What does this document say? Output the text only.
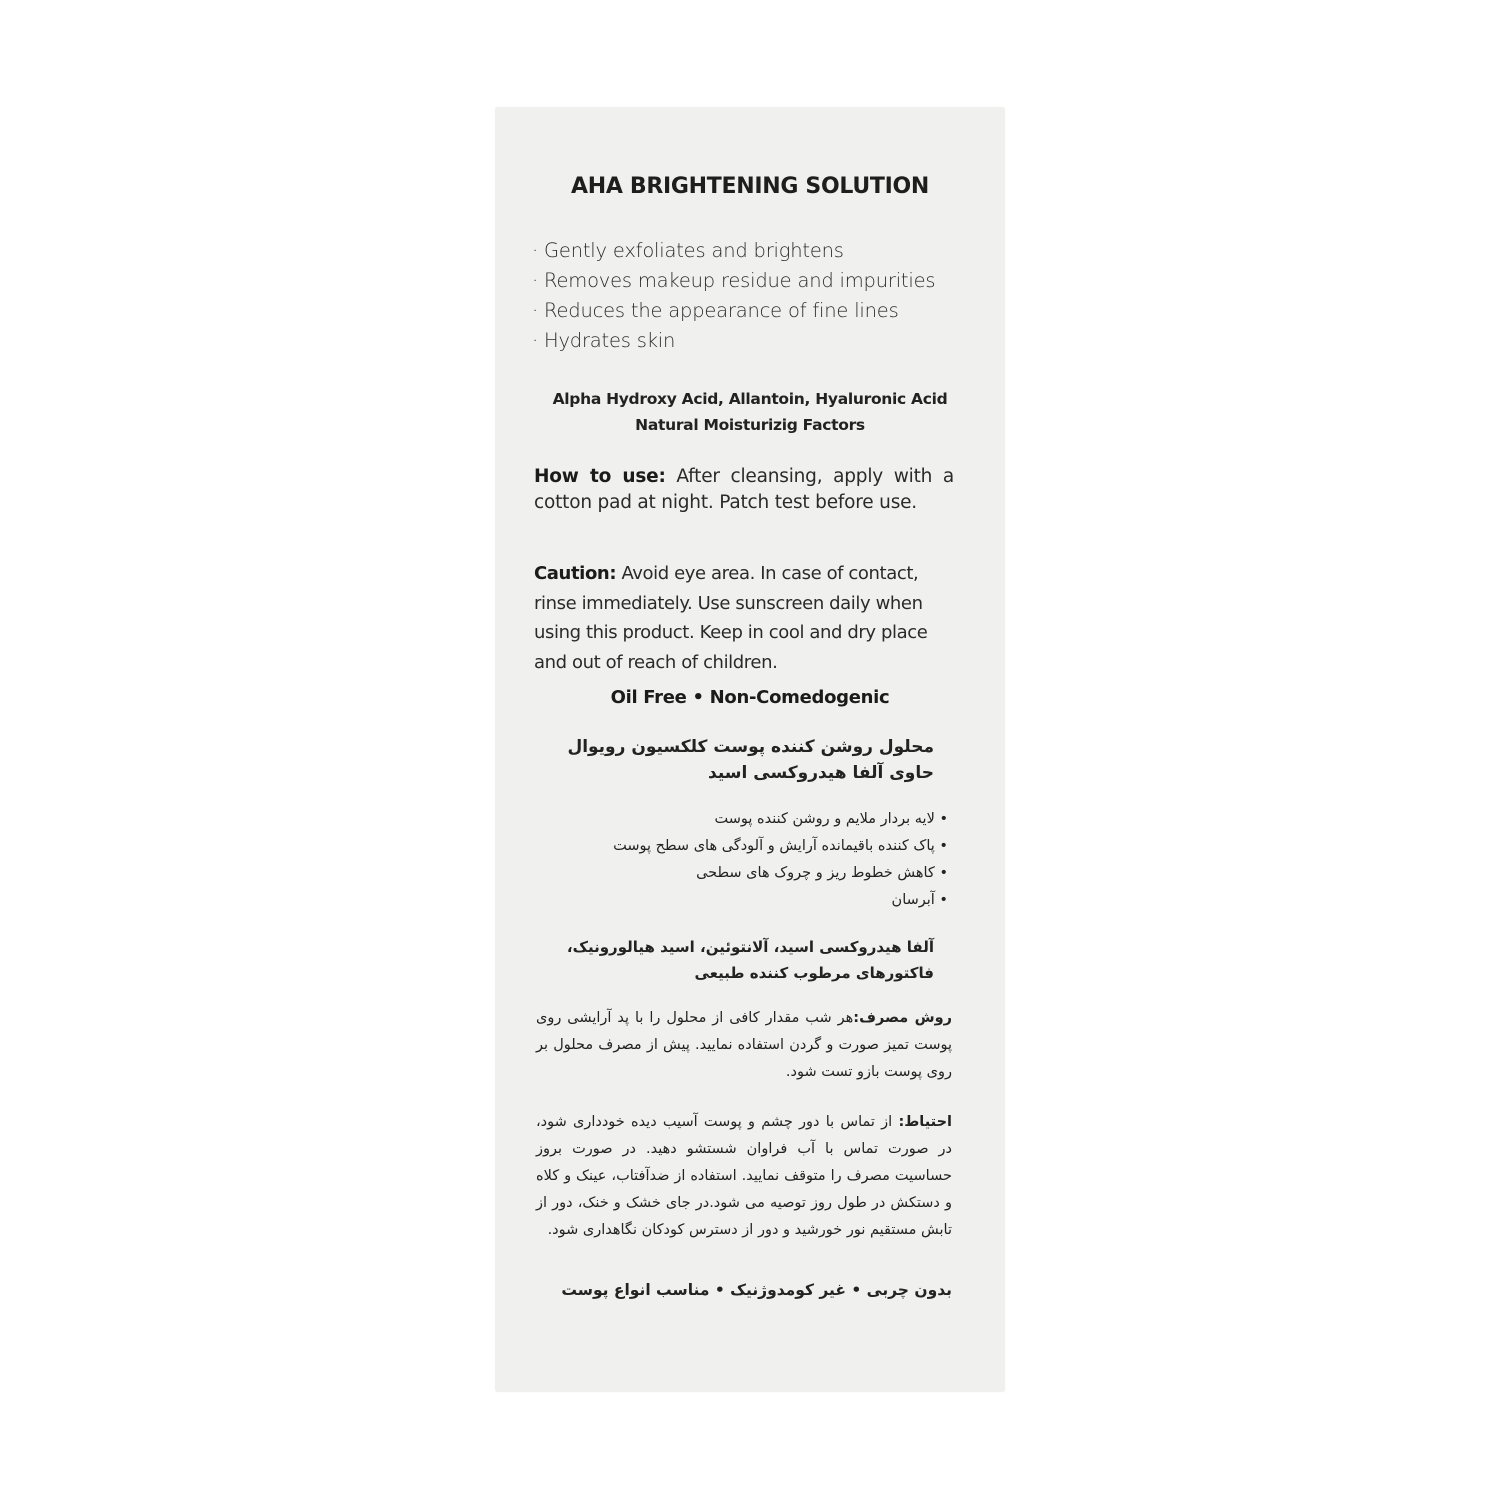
AHA BRIGHTENING SOLUTION
· Gently exfoliates and brightens
· Removes makeup residue and impurities
· Reduces the appearance of fine lines
· Hydrates skin
Alpha Hydroxy Acid, Allantoin, Hyaluronic Acid
Natural Moisturizig Factors
How to use: After cleansing, apply with a cotton pad at night. Patch test before use.
Caution: Avoid eye area. In case of contact, rinse immediately. Use sunscreen daily when using this product. Keep in cool and dry place and out of reach of children.
Oil Free • Non-Comedogenic
محلول روشن کننده پوست کلکسیون رویوال
حاوی آلفا هیدروکسی اسید
• لایه بردار ملایم و روشن کننده پوست
• پاک کننده باقیمانده آرایش و آلودگی های سطح پوست
• کاهش خطوط ریز و چروک های سطحی
• آبرسان
آلفا هیدروکسی اسید، آلانتوئین، اسید هیالورونیک،
فاکتورهای مرطوب کننده طبیعی
روش مصرف:هر شب مقدار کافی از محلول را با پد آرایشی روی پوست تمیز صورت و گردن استفاده نمایید. پیش از مصرف محلول بر روی پوست بازو تست شود.
احتیاط: از تماس با دور چشم و پوست آسیب دیده خودداری شود، در صورت تماس با آب فراوان شستشو دهید. در صورت بروز حساسیت مصرف را متوقف نمایید. استفاده از ضدآفتاب، عینک و کلاه و دستکش در طول روز توصیه می شود.در جای خشک و خنک، دور از تابش مستقیم نور خورشید و دور از دسترس کودکان نگاهداری شود.
بدون چربی • غیر کومدوژنیک • مناسب انواع پوست
